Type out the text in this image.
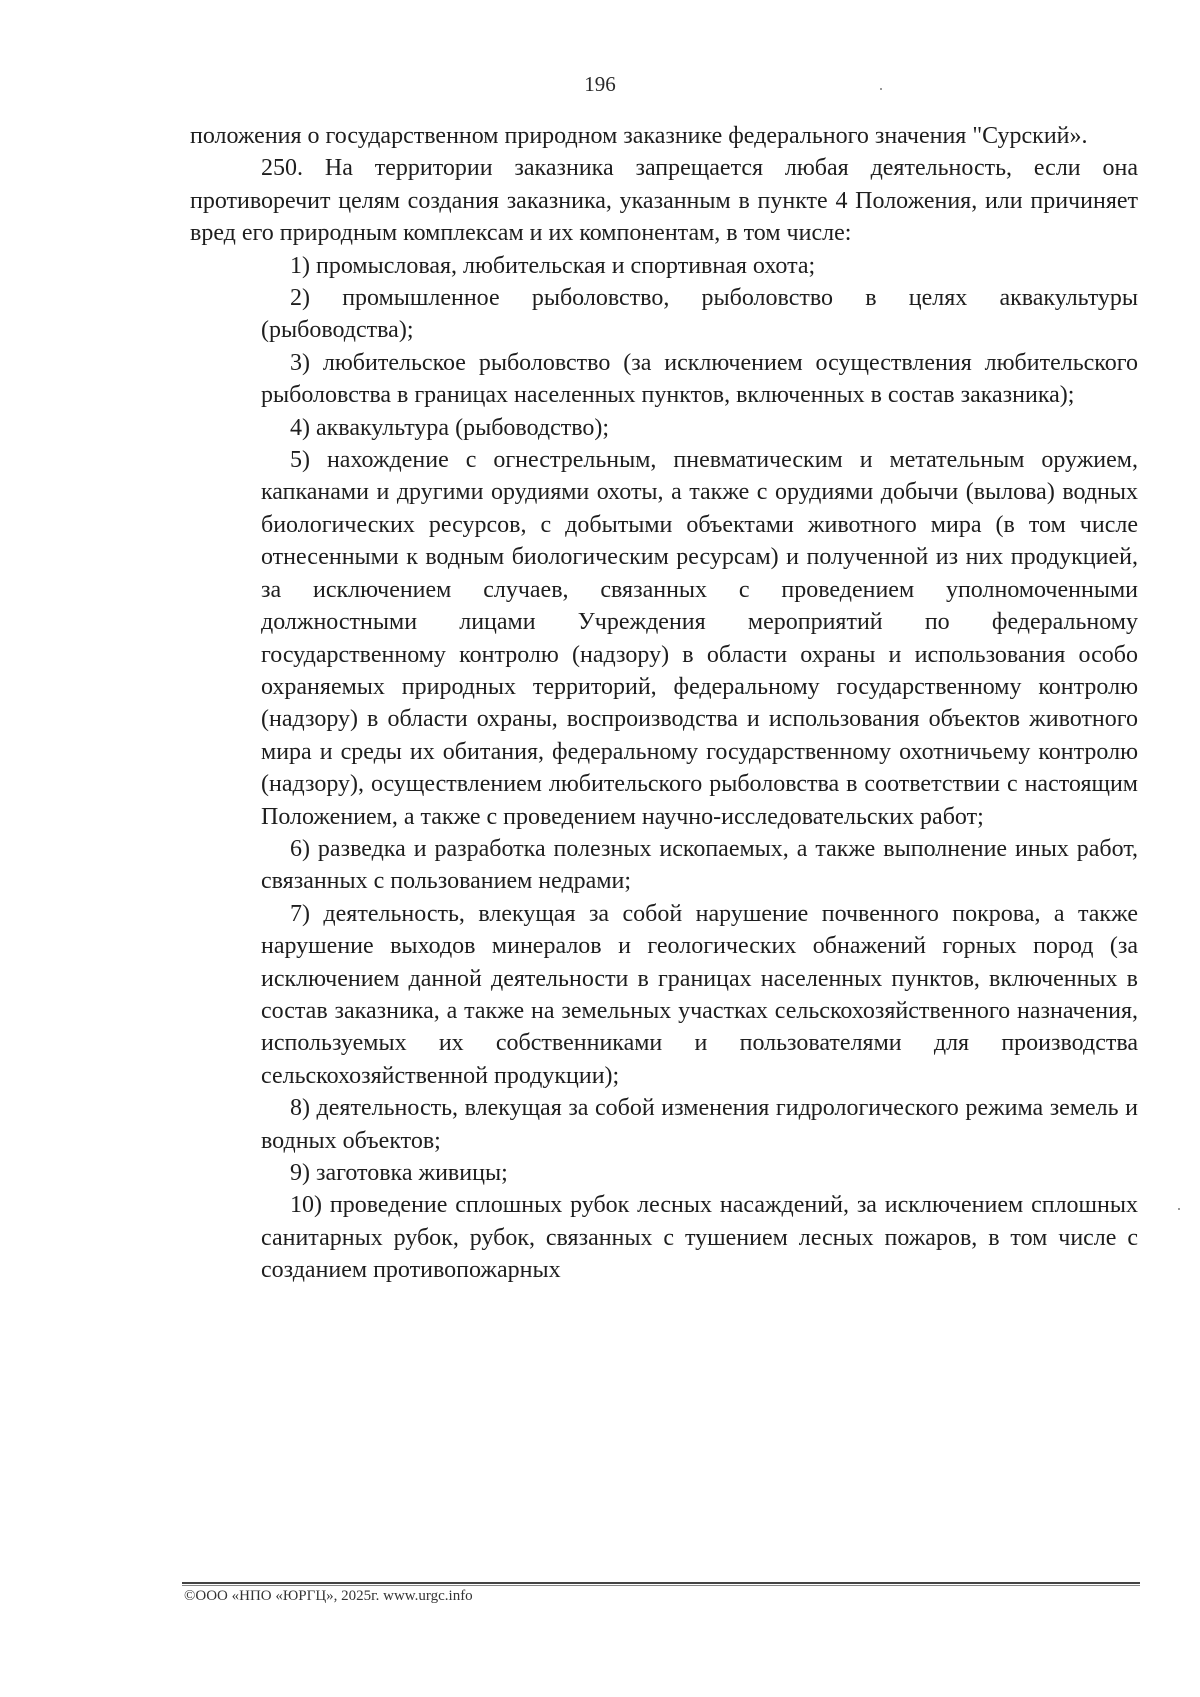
196

положения о государственном природном заказнике федерального значения "Сурский».

250. На территории заказника запрещается любая деятельность, если она противоречит целям создания заказника, указанным в пункте 4 Положения, или причиняет вред его природным комплексам и их компонентам, в том числе:

1) промысловая, любительская и спортивная охота;

2) промышленное рыболовство, рыболовство в целях аквакультуры (рыбоводства);

3) любительское рыболовство (за исключением осуществления любительского рыболовства в границах населенных пунктов, включенных в состав заказника);

4) аквакультура (рыбоводство);

5) нахождение с огнестрельным, пневматическим и метательным оружием, капканами и другими орудиями охоты, а также с орудиями добычи (вылова) водных биологических ресурсов, с добытыми объектами животного мира (в том числе отнесенными к водным биологическим ресурсам) и полученной из них продукцией, за исключением случаев, связанных с проведением уполномоченными должностными лицами Учреждения мероприятий по федеральному государственному контролю (надзору) в области охраны и использования особо охраняемых природных территорий, федеральному государственному контролю (надзору) в области охраны, воспроизводства и использования объектов животного мира и среды их обитания, федеральному государственному охотничьему контролю (надзору), осуществлением любительского рыболовства в соответствии с настоящим Положением, а также с проведением научно-исследовательских работ;

6) разведка и разработка полезных ископаемых, а также выполнение иных работ, связанных с пользованием недрами;

7) деятельность, влекущая за собой нарушение почвенного покрова, а также нарушение выходов минералов и геологических обнажений горных пород (за исключением данной деятельности в границах населенных пунктов, включенных в состав заказника, а также на земельных участках сельскохозяйственного назначения, используемых их собственниками и пользователями для производства сельскохозяйственной продукции);

8) деятельность, влекущая за собой изменения гидрологического режима земель и водных объектов;

9) заготовка живицы;

10) проведение сплошных рубок лесных насаждений, за исключением сплошных санитарных рубок, рубок, связанных с тушением лесных пожаров, в том числе с созданием противопожарных

©ООО «НПО «ЮРГЦ», 2025г. www.urgc.info
